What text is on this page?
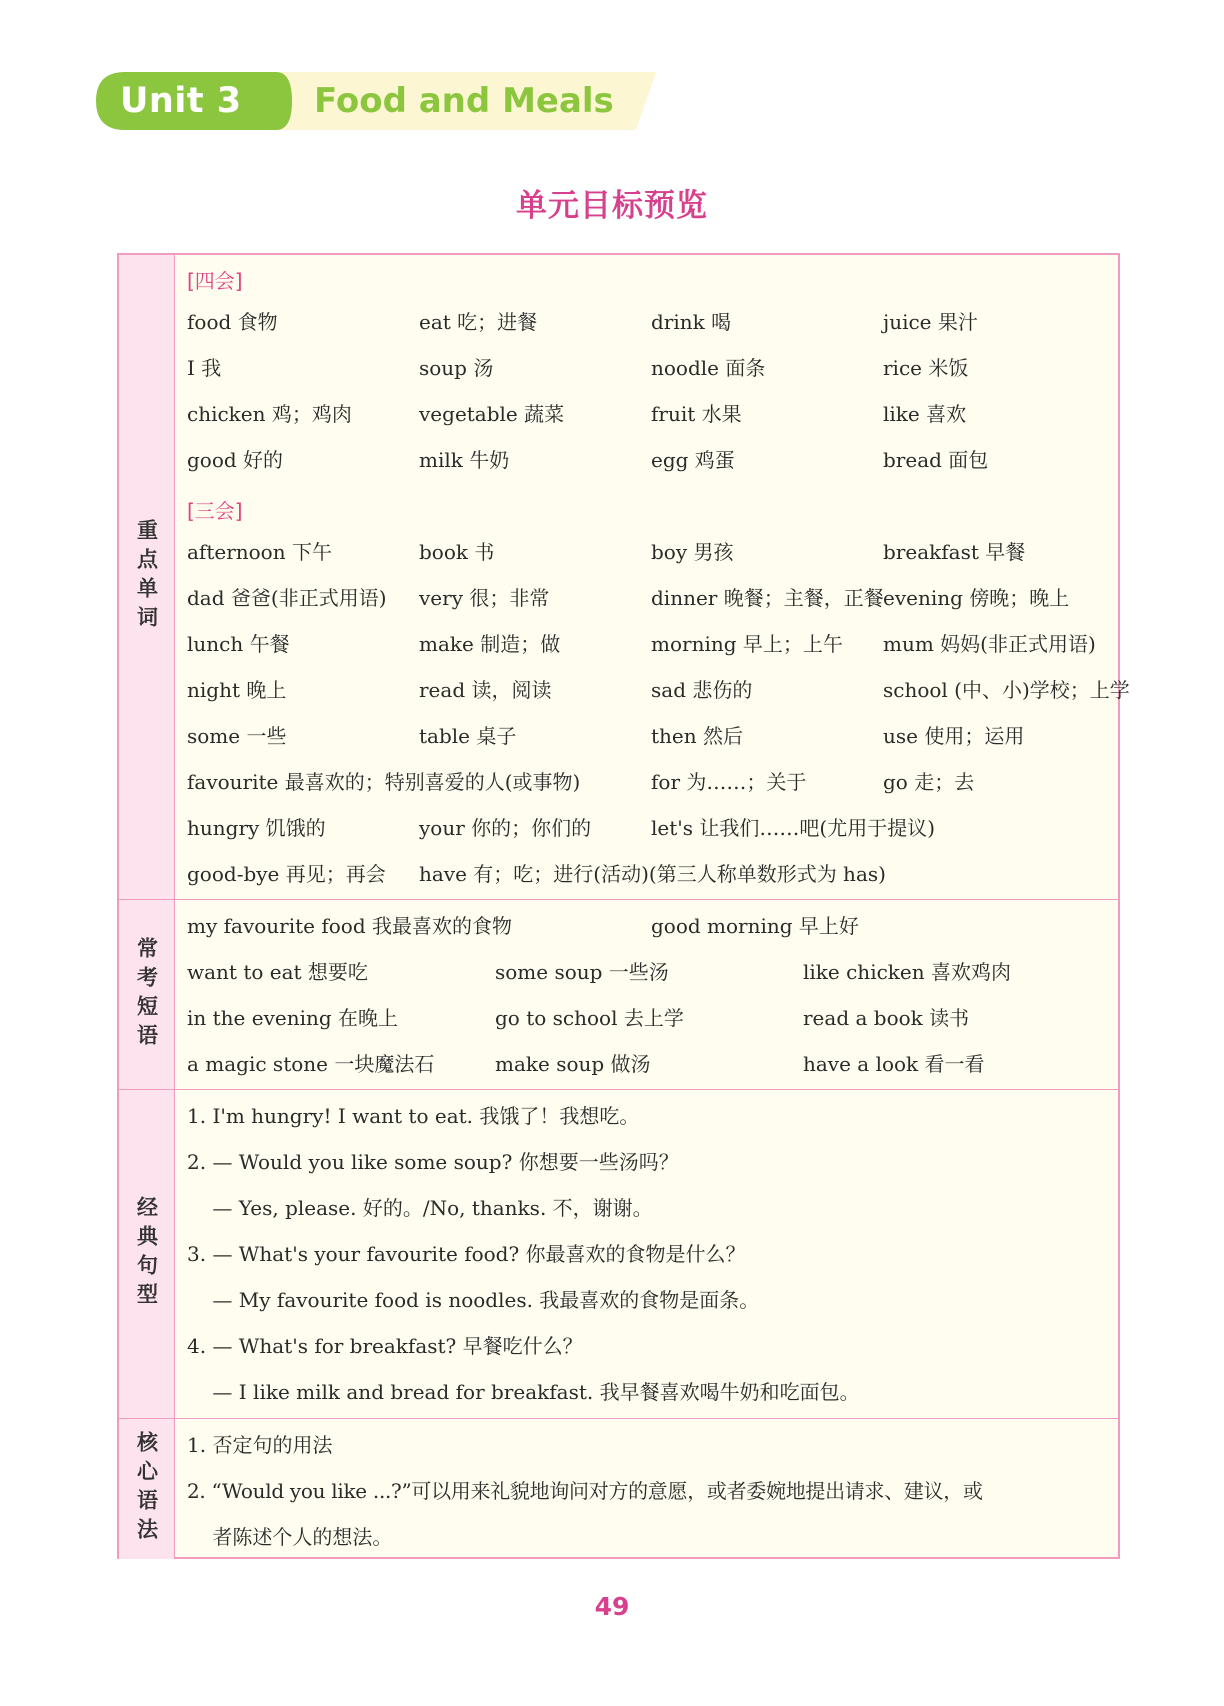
Unit 3 Food and Meals
单元目标预览
重点单词
[四会]
food 食物	eat 吃；进餐	drink 喝	juice 果汁
I 我	soup 汤	noodle 面条	rice 米饭
chicken 鸡；鸡肉	vegetable 蔬菜	fruit 水果	like 喜欢
good 好的	milk 牛奶	egg 鸡蛋	bread 面包
[三会]
afternoon 下午	book 书	boy 男孩	breakfast 早餐
dad 爸爸(非正式用语) very 很；非常	dinner 晚餐；主餐，正餐 evening 傍晚；晚上
lunch 午餐	make 制造；做	morning 早上；上午 mum 妈妈(非正式用语)
night 晚上	read 读，阅读	sad 悲伤的	school (中、小)学校；上学
some 一些	table 桌子	then 然后	use 使用；运用
favourite 最喜欢的；特别喜爱的人(或事物)	for 为……；关于	go 走；去
hungry 饥饿的	your 你的；你们的	let's 让我们……吧(尤用于提议)
good-bye 再见；再会 have 有；吃；进行(活动)(第三人称单数形式为 has)
常考短语
my favourite food 我最喜欢的食物	good morning 早上好
want to eat 想要吃	some soup 一些汤	like chicken 喜欢鸡肉
in the evening 在晚上	go to school 去上学	read a book 读书
a magic stone 一块魔法石	make soup 做汤	have a look 看一看
经典句型
1. I'm hungry! I want to eat. 我饿了！我想吃。
2. — Would you like some soup? 你想要一些汤吗？
— Yes, please. 好的。/No, thanks. 不，谢谢。
3. — What's your favourite food? 你最喜欢的食物是什么？
— My favourite food is noodles. 我最喜欢的食物是面条。
4. — What's for breakfast? 早餐吃什么？
— I like milk and bread for breakfast. 我早餐喜欢喝牛奶和吃面包。
核心语法 1. 否定句的用法
2. “Would you like ...?”可以用来礼貌地询问对方的意愿，或者委婉地提出请求、建议，或
者陈述个人的想法。
49
